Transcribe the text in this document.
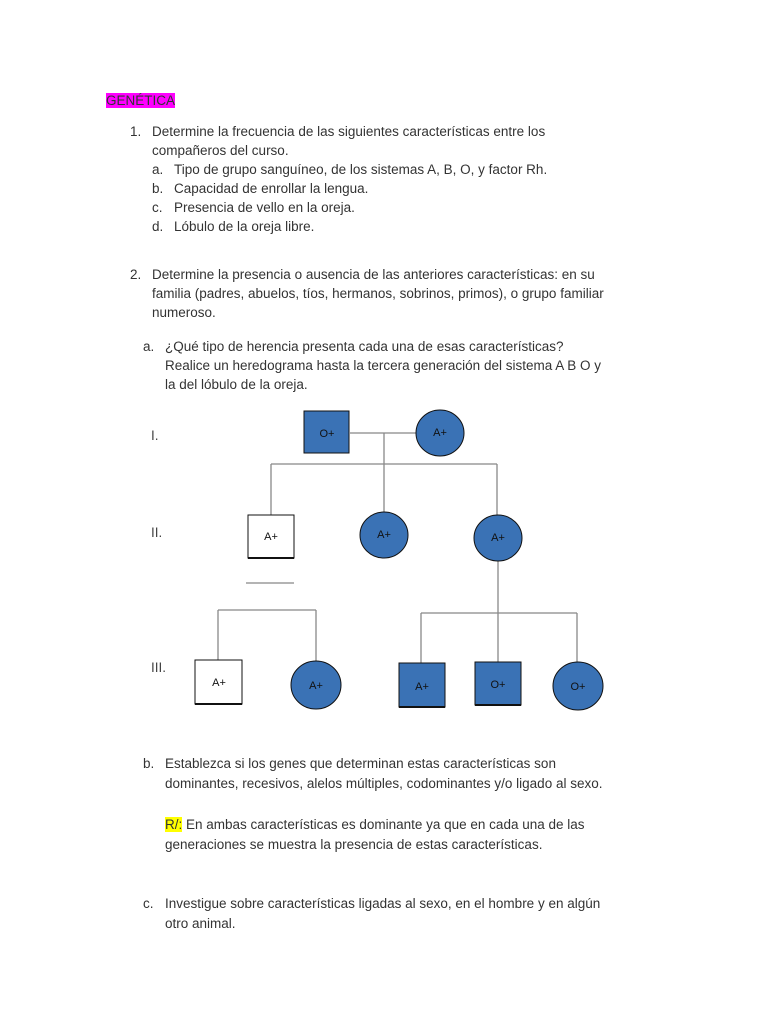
GENÉTICA
1. Determine la frecuencia de las siguientes características entre los
compañeros del curso.
a. Tipo de grupo sanguíneo, de los sistemas A, B, O, y factor Rh.
b. Capacidad de enrollar la lengua.
c. Presencia de vello en la oreja.
d. Lóbulo de la oreja libre.
2. Determine la presencia o ausencia de las anteriores características: en su
familia (padres, abuelos, tíos, hermanos, sobrinos, primos), o grupo familiar
numeroso.
a. ¿Qué tipo de herencia presenta cada una de esas características?
Realice un heredograma hasta la tercera generación del sistema A B O y
la del lóbulo de la oreja.
I.
II.
III.
O+	A+
A+	A+	A+
A+	A+	A+	O+	O+
b. Establezca si los genes que determinan estas características son
dominantes, recesivos, alelos múltiples, codominantes y/o ligado al sexo.
R/: En ambas características es dominante ya que en cada una de las
generaciones se muestra la presencia de estas características.
c. Investigue sobre características ligadas al sexo, en el hombre y en algún
otro animal.
